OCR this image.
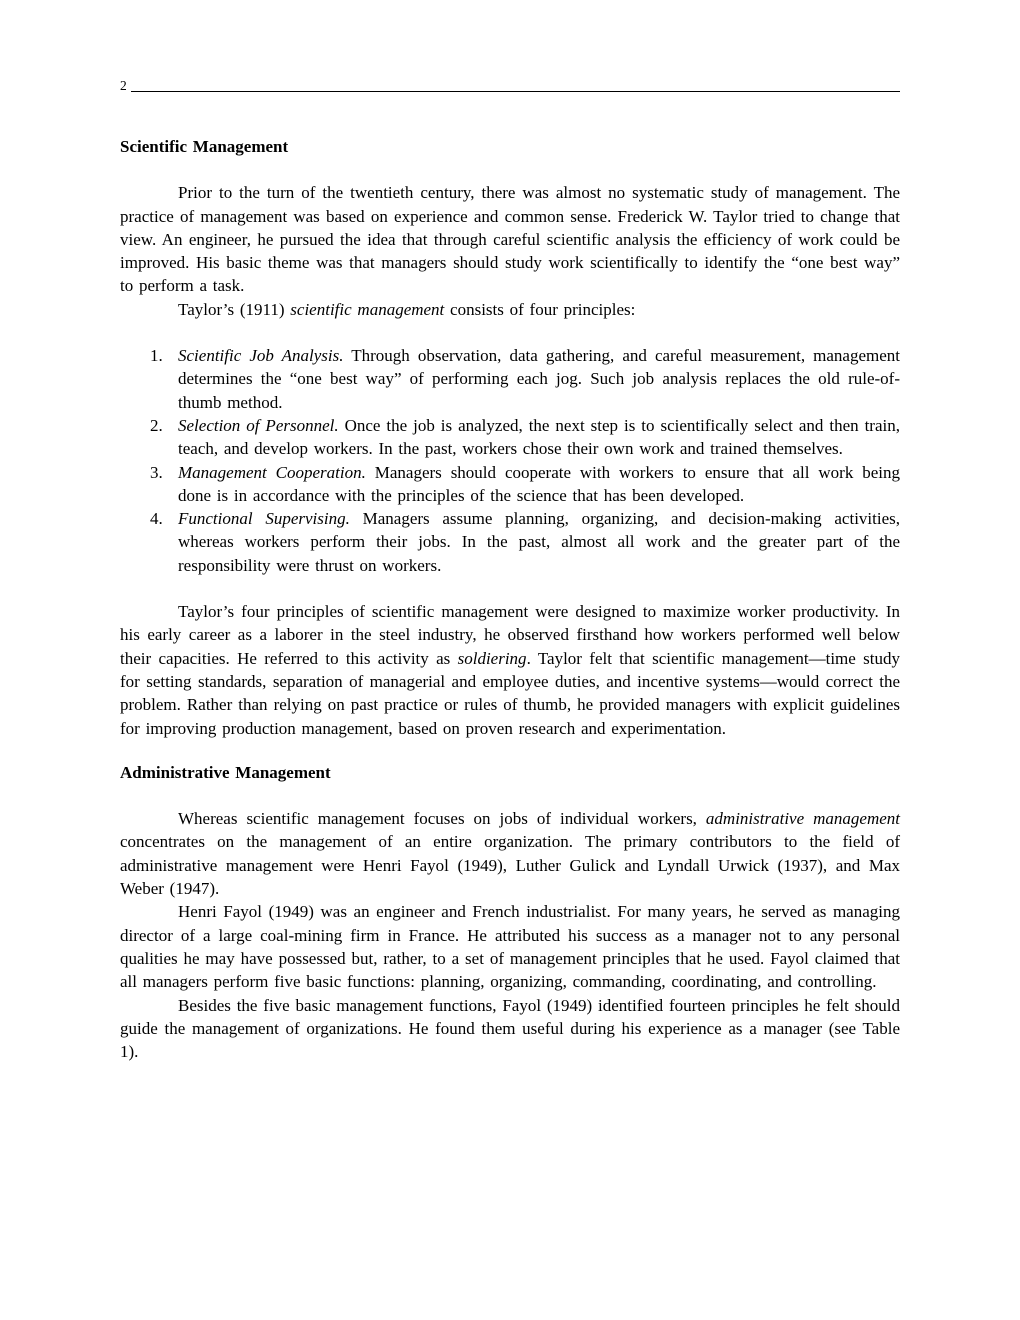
2
Scientific Management

Prior to the turn of the twentieth century, there was almost no systematic study of management. The practice of management was based on experience and common sense. Frederick W. Taylor tried to change that view. An engineer, he pursued the idea that through careful scientific analysis the efficiency of work could be improved. His basic theme was that managers should study work scientifically to identify the “one best way” to perform a task.

Taylor’s (1911) scientific management consists of four principles:

1. Scientific Job Analysis. Through observation, data gathering, and careful measurement, management determines the “one best way” of performing each jog. Such job analysis replaces the old rule-of-thumb method.
2. Selection of Personnel. Once the job is analyzed, the next step is to scientifically select and then train, teach, and develop workers. In the past, workers chose their own work and trained themselves.
3. Management Cooperation. Managers should cooperate with workers to ensure that all work being done is in accordance with the principles of the science that has been developed.
4. Functional Supervising. Managers assume planning, organizing, and decision-making activities, whereas workers perform their jobs. In the past, almost all work and the greater part of the responsibility were thrust on workers.

Taylor’s four principles of scientific management were designed to maximize worker productivity. In his early career as a laborer in the steel industry, he observed firsthand how workers performed well below their capacities. He referred to this activity as soldiering. Taylor felt that scientific management—time study for setting standards, separation of managerial and employee duties, and incentive systems—would correct the problem. Rather than relying on past practice or rules of thumb, he provided managers with explicit guidelines for improving production management, based on proven research and experimentation.

Administrative Management

Whereas scientific management focuses on jobs of individual workers, administrative management concentrates on the management of an entire organization. The primary contributors to the field of administrative management were Henri Fayol (1949), Luther Gulick and Lyndall Urwick (1937), and Max Weber (1947).

Henri Fayol (1949) was an engineer and French industrialist. For many years, he served as managing director of a large coal-mining firm in France. He attributed his success as a manager not to any personal qualities he may have possessed but, rather, to a set of management principles that he used. Fayol claimed that all managers perform five basic functions: planning, organizing, commanding, coordinating, and controlling.

Besides the five basic management functions, Fayol (1949) identified fourteen principles he felt should guide the management of organizations. He found them useful during his experience as a manager (see Table 1).
